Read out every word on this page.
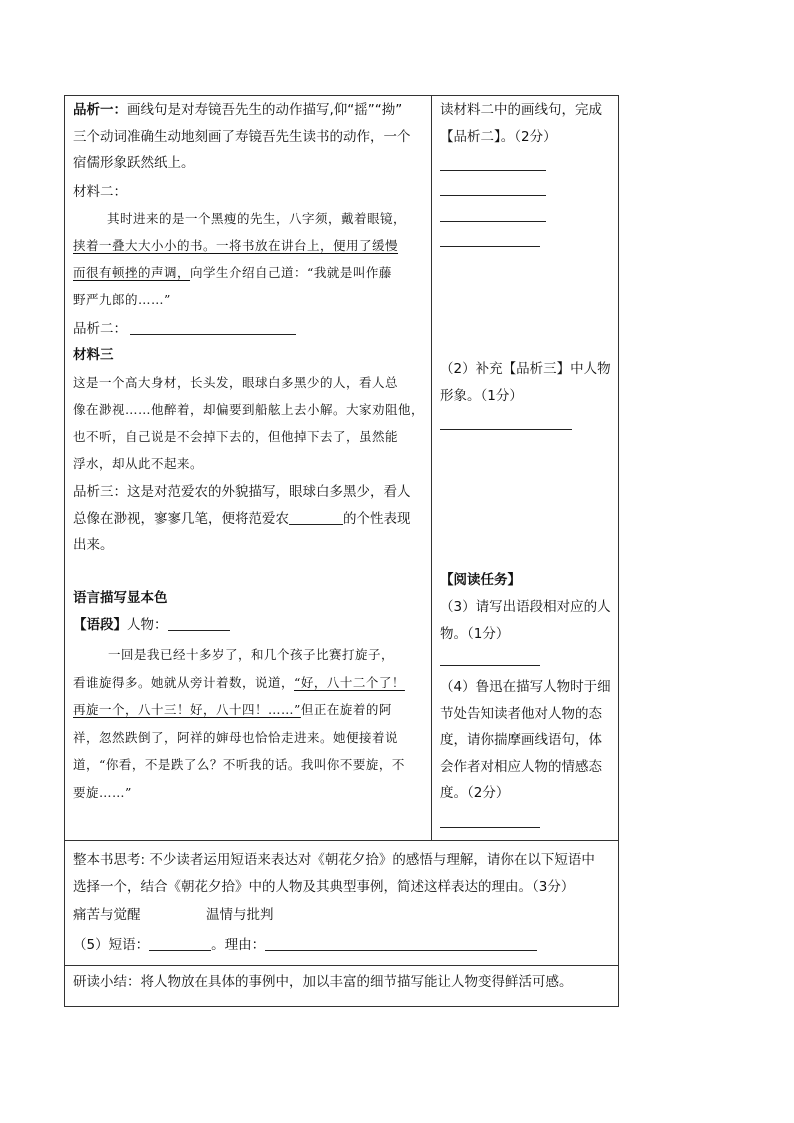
品析一：画线句是对寿镜吾先生的动作描写,仰“摇”“拗”
三个动词准确生动地刻画了寿镜吾先生读书的动作，一个
宿儒形象跃然纸上。
材料二：
其时进来的是一个黑瘦的先生，八字须，戴着眼镜，
挟着一叠大大小小的书。一将书放在讲台上，便用了缓慢
而很有顿挫的声调，向学生介绍自己道：“我就是叫作藤
野严九郎的……”
品析二：
材料三
这是一个高大身材，长头发，眼球白多黑少的人，看人总
像在渺视……他醉着，却偏要到船舷上去小解。大家劝阻他，
也不听，自己说是不会掉下去的，但他掉下去了，虽然能
浮水，却从此不起来。
品析三：这是对范爱农的外貌描写，眼球白多黑少，看人
总像在渺视，寥寥几笔，便将范爱农	的个性表现
出来。
语言描写显本色
【语段】人物：
一回是我已经十多岁了，和几个孩子比赛打旋子，
看谁旋得多。她就从旁计着数，说道，“好，八十二个了！
再旋一个，八十三！好，八十四！……”但正在旋着的阿
祥，忽然跌倒了，阿祥的婶母也恰恰走进来。她便接着说
道，“你看，不是跌了么？不听我的话。我叫你不要旋，不
要旋……”
读材料二中的画线句，完成
【品析二】。（2分）
（2）补充【品析三】中人物
形象。（1分）
【阅读任务】
（3）请写出语段相对应的人
物。（1分）
（4）鲁迅在描写人物时于细
节处告知读者他对人物的态
度，请你揣摩画线语句，体
会作者对相应人物的情感态
度。（2分）
整本书思考: 不少读者运用短语来表达对《朝花夕拾》的感悟与理解，请你在以下短语中
选择一个，结合《朝花夕拾》中的人物及其典型事例，简述这样表达的理由。（3分）
痛苦与觉醒	温情与批判
（5）短语：	。理由：
研读小结：将人物放在具体的事例中，加以丰富的细节描写能让人物变得鲜活可感。
